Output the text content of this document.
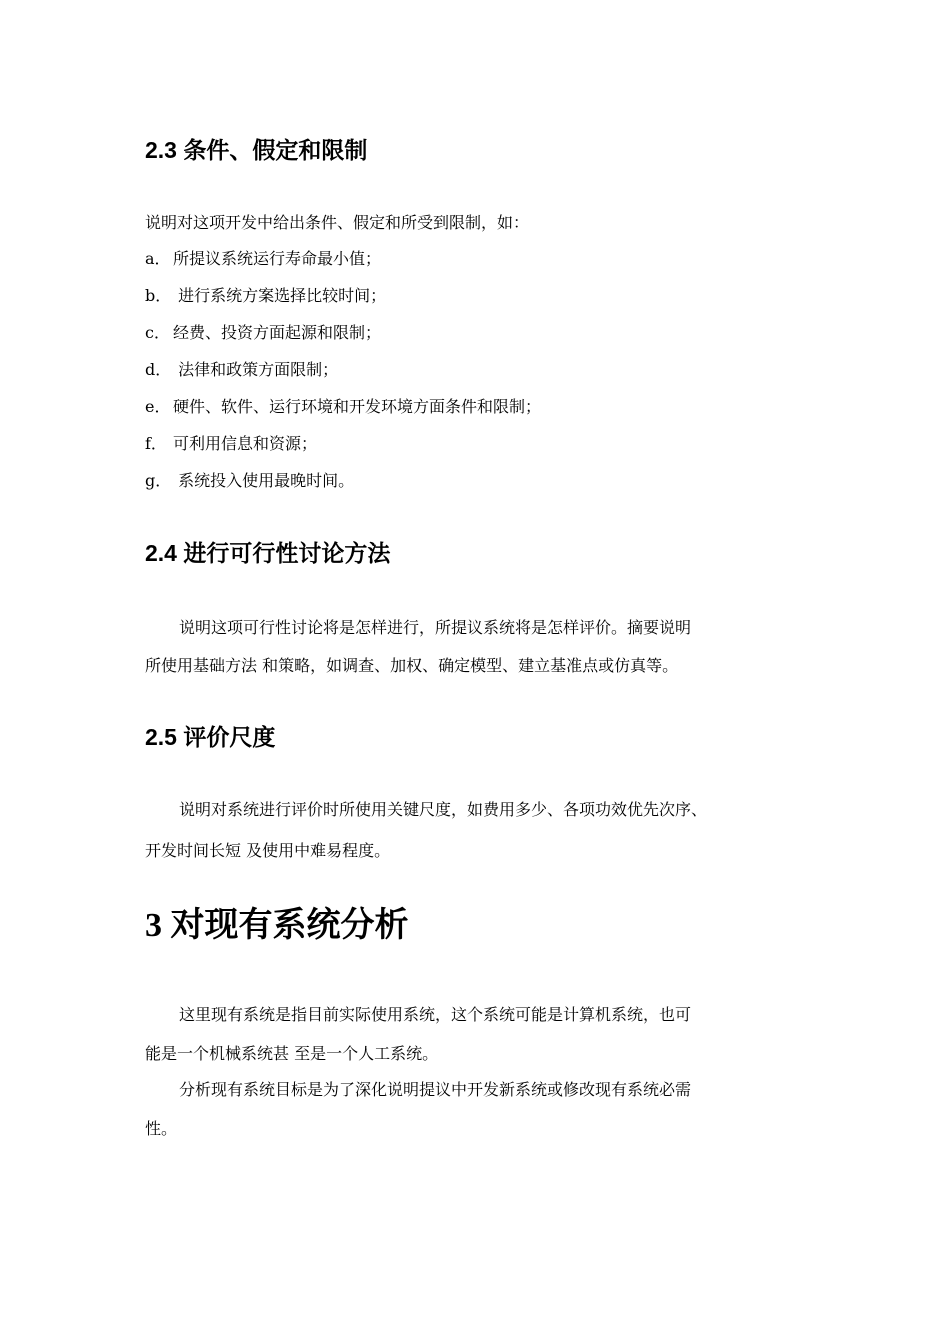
2.3 条件、假定和限制
说明对这项开发中给出条件、假定和所受到限制，如：
a． 所提议系统运行寿命最小值；
b． 进行系统方案选择比较时间；
c． 经费、投资方面起源和限制；
d． 法律和政策方面限制；
e． 硬件、软件、运行环境和开发环境方面条件和限制；
f． 可利用信息和资源；
g． 系统投入使用最晚时间。
2.4 进行可行性讨论方法
说明这项可行性讨论将是怎样进行，所提议系统将是怎样评价。摘要说明
所使用基础方法 和策略，如调查、加权、确定模型、建立基准点或仿真等。
2.5 评价尺度
说明对系统进行评价时所使用关键尺度，如费用多少、各项功效优先次序、
开发时间长短 及使用中难易程度。
3 对现有系统分析
这里现有系统是指目前实际使用系统，这个系统可能是计算机系统，也可
能是一个机械系统甚 至是一个人工系统。
分析现有系统目标是为了深化说明提议中开发新系统或修改现有系统必需
性。
